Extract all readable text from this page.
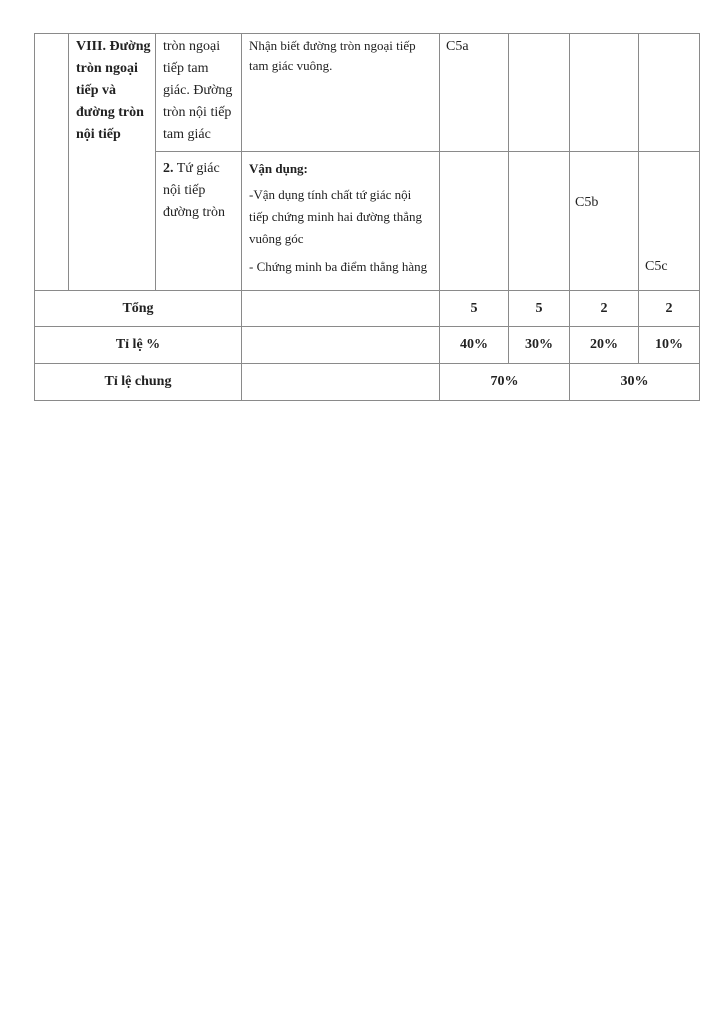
	VIII. Đường tròn ngoại tiếp và đường tròn nội tiếp	tròn ngoại tiếp tam giác. Đường tròn nội tiếp tam giác	Nhận biết đường tròn ngoại tiếp tam giác vuông.	C5a			
		2. Tứ giác nội tiếp đường tròn	Vận dụng:
-Vận dụng tính chất tứ giác nội tiếp chứng minh hai đường thẳng vuông góc
- Chứng minh ba điểm thẳng hàng			C5b	C5c
Tổng				5	5	2	2
Tỉ lệ %				40%	30%	20%	10%
Tỉ lệ chung				70%		30%	
